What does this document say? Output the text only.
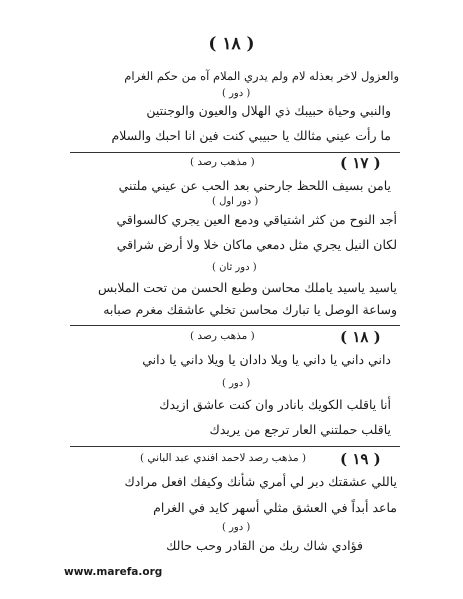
( ١٨ )
والعزول لاخر بعذله لام ولم يدري الملام آه من حكم الغرام
( دور )
والنبي وحياة حبيبك ذي الهلال والعيون والوجنتين
ما رأت عيني مثالك يا حبيبي كنت فين انا احبك والسلام
( مذهب رصد )	( ١٧ )
يامن بسيف اللحظ جارحني بعد الحب عن عيني ملتني
( دور اول )
أجد النوح من كثر اشتياقي ودمع العين يجري كالسواقي
لكان النيل يجري مثل دمعي ماكان خلا ولا أرض شراقي
( دور ثان )
ياسيد ياسيد ياملك محاسن وطبع الحسن من تحت الملابس
وساعة الوصل يا تبارك محاسن تخلي عاشقك مغرم صبابه
( مذهب رصد )	( ١٨ )
داني داني يا داني يا ويلا دادان يا ويلا داني يا داني
( دور )
أنا ياقلب الكويك بانادر وان كنت عاشق ازيدك
ياقلب حملتني العار ترجع من يريدك
( مذهب رصد لاحمد افندي عبد الباني ) ( ١٩ )
ياللي عشقتك دبر لي أمري شأنك وكيفك افعل مرادك
ماعد أبداً في العشق مثلي أسهر كايد في الغرام
( دور )
فؤادي شاك ربك من القادر وحب حالك
www.marefa.org
